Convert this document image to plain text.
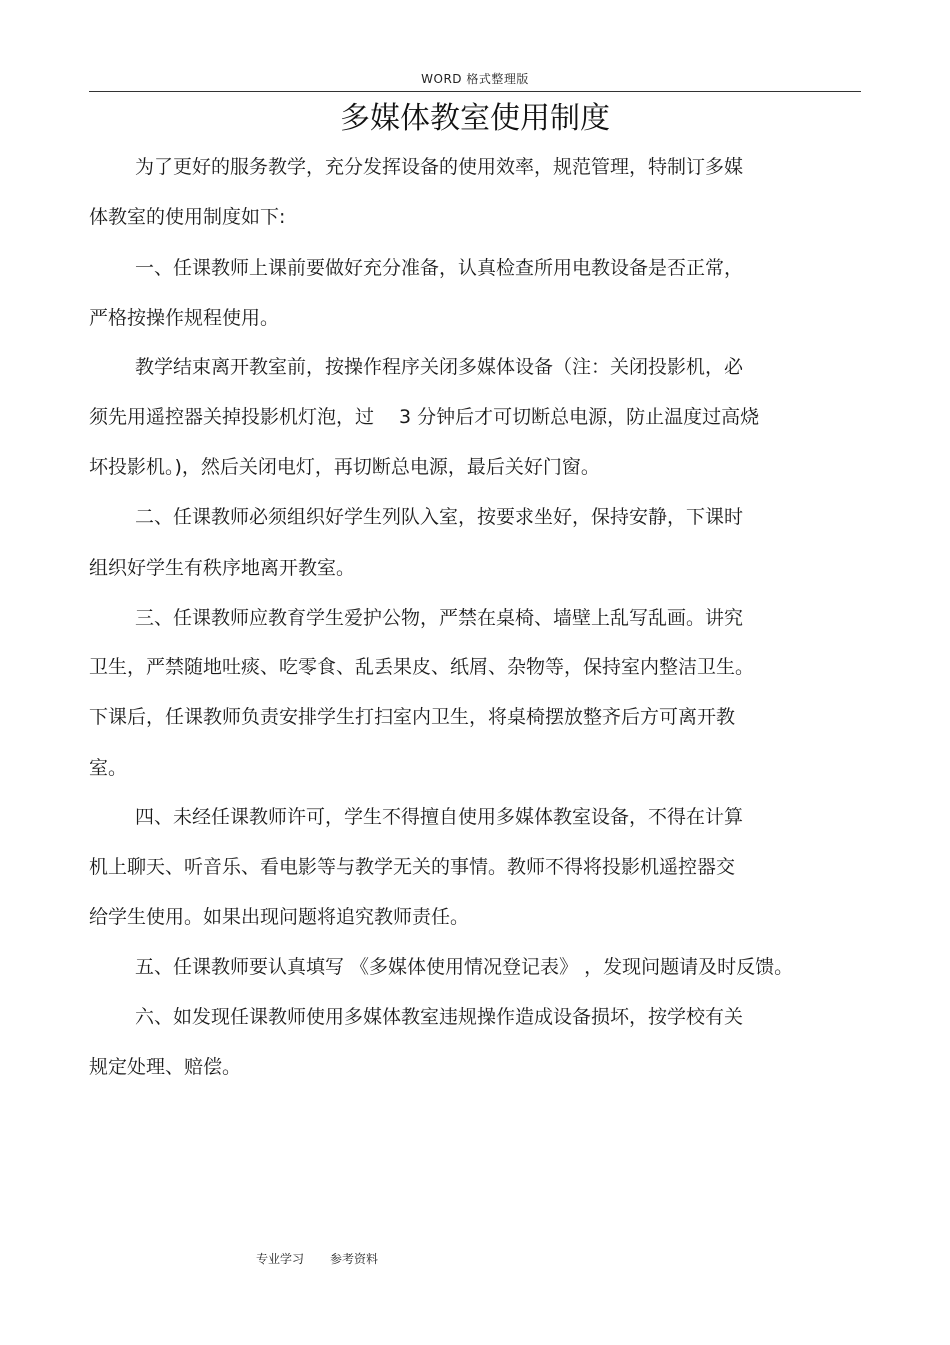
WORD 格式整理版
多媒体教室使用制度
为了更好的服务教学，充分发挥设备的使用效率，规范管理，特制订多媒
体教室的使用制度如下:
一、任课教师上课前要做好充分准备，认真检查所用电教设备是否正常，
严格按操作规程使用。
教学结束离开教室前，按操作程序关闭多媒体设备（注：关闭投影机，必
须先用遥控器关掉投影机灯泡，过　 3 分钟后才可切断总电源，防止温度过高烧
坏投影机。)，然后关闭电灯，再切断总电源，最后关好门窗。
二、任课教师必须组织好学生列队入室，按要求坐好，保持安静，下课时
组织好学生有秩序地离开教室。
三、任课教师应教育学生爱护公物，严禁在桌椅、墙壁上乱写乱画。讲究
卫生，严禁随地吐痰、吃零食、乱丢果皮、纸屑、杂物等，保持室内整洁卫生。
下课后，任课教师负责安排学生打扫室内卫生，将桌椅摆放整齐后方可离开教
室。
四、未经任课教师许可，学生不得擅自使用多媒体教室设备，不得在计算
机上聊天、听音乐、看电影等与教学无关的事情。教师不得将投影机遥控器交
给学生使用。如果出现问题将追究教师责任。
五、任课教师要认真填写 《多媒体使用情况登记表》 ，发现问题请及时反馈。
六、如发现任课教师使用多媒体教室违规操作造成设备损坏，按学校有关
规定处理、赔偿。
专业学习 参考资料
